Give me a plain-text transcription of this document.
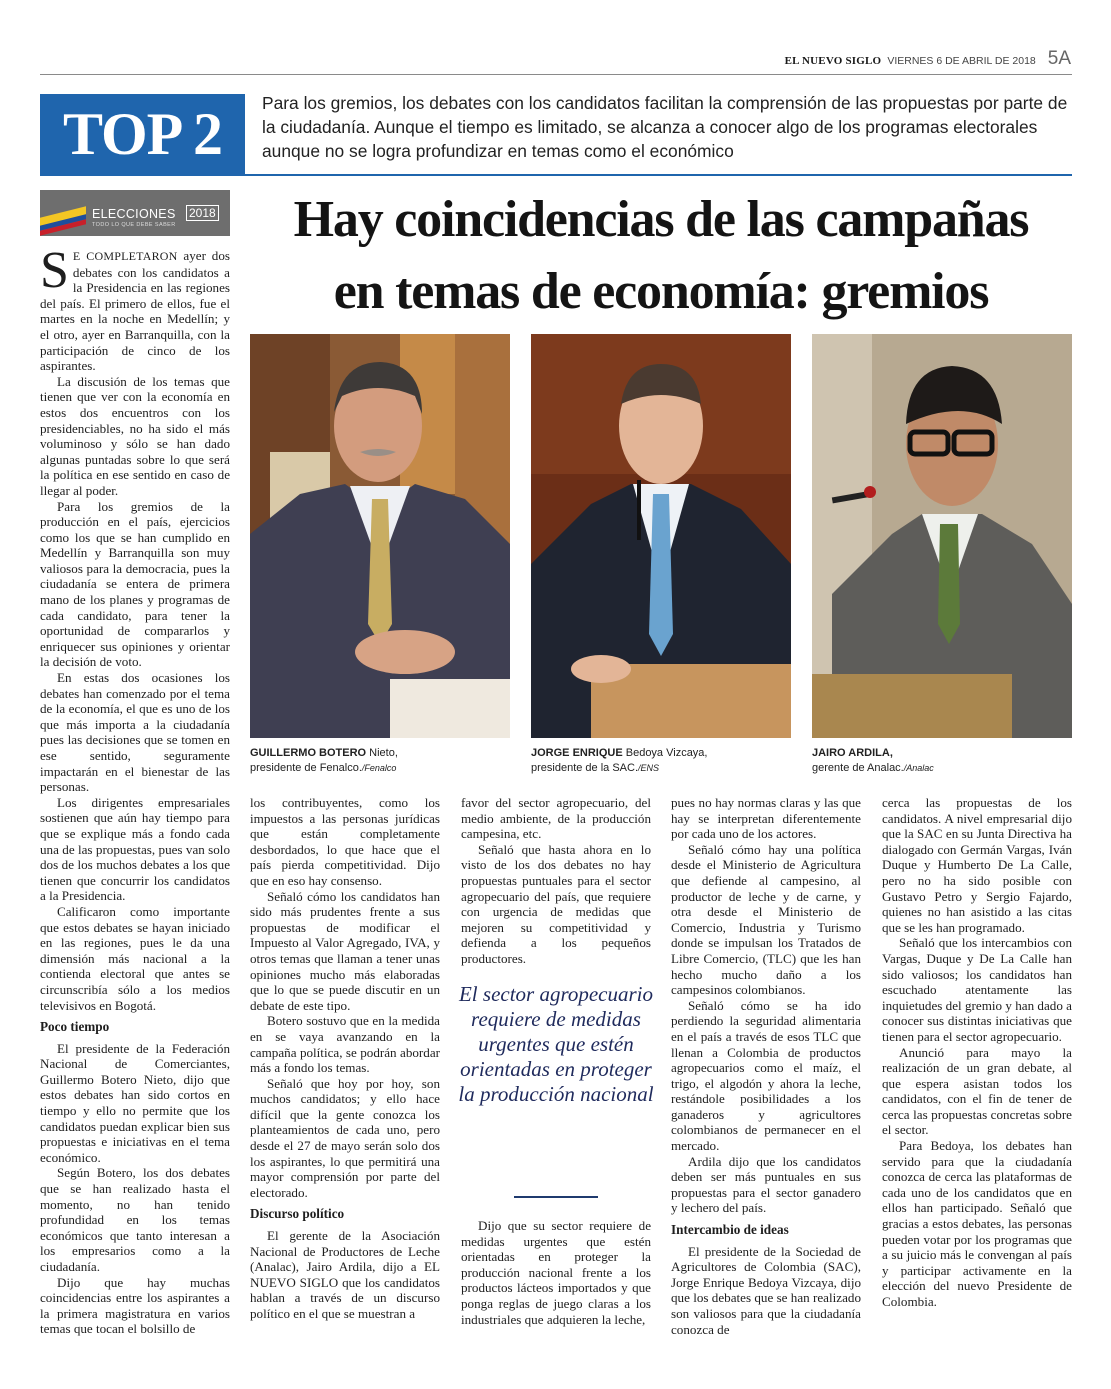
EL NUEVO SIGLO VIERNES 6 DE ABRIL DE 2018 5A
TOP 2	Para los gremios, los debates con los candidatos facilitan la comprensión de las propuestas por parte de la ciudadanía. Aunque el tiempo es limitado, se alcanza a conocer algo de los programas electorales aunque no se logra profundizar en temas como el económico
ELECCIONES 2018
TODO LO QUE DEBE SABER	Hay coincidencias de las campañas
en temas de economía: gremios
GUILLERMO BOTERO Nieto,
presidente de Fenalco./Fenalco
JORGE ENRIQUE Bedoya Vizcaya,
presidente de la SAC./ENS
JAIRO ARDILA,
gerente de Analac./Analac

S E COMPLETARON ayer dos debates con los candidatos a la Presidencia en las regiones del país. El primero de ellos, fue el martes en la noche en Medellín; y el otro, ayer en Barranquilla, con la participación de cinco de los aspirantes.

La discusión de los temas que tienen que ver con la economía en estos dos encuentros con los presidenciables, no ha sido el más voluminoso y sólo se han dado algunas puntadas sobre lo que será la política en ese sentido en caso de llegar al poder.

Para los gremios de la producción en el país, ejercicios como los que se han cumplido en Medellín y Barranquilla son muy valiosos para la democracia, pues la ciudadanía se entera de primera mano de los planes y programas de cada candidato, para tener la oportunidad de compararlos y enriquecer sus opiniones y orientar la decisión de voto.

En estas dos ocasiones los debates han comenzado por el tema de la economía, el que es uno de los que más importa a la ciudadanía pues las decisiones que se tomen en ese sentido, seguramente impactarán en el bienestar de las personas.

Los dirigentes empresariales sostienen que aún hay tiempo para que se explique más a fondo cada una de las propuestas, pues van solo dos de los muchos debates a los que tienen que concurrir los candidatos a la Presidencia.

Calificaron como importante que estos debates se hayan iniciado en las regiones, pues le da una dimensión más nacional a la contienda electoral que antes se circunscribía sólo a los medios televisivos en Bogotá.

Poco tiempo

El presidente de la Federación Nacional de Comerciantes, Guillermo Botero Nieto, dijo que estos debates han sido cortos en tiempo y ello no permite que los candidatos puedan explicar bien sus propuestas e iniciativas en el tema económico.

Según Botero, los dos debates que se han realizado hasta el momento, no han tenido profundidad en los temas económicos que tanto interesan a los empresarios como a la ciudadanía.

Dijo que hay muchas coincidencias entre los aspirantes a la primera magistratura en varios temas que tocan el bolsillo de

los contribuyentes, como los impuestos a las personas jurídicas que están completamente desbordados, lo que hace que el país pierda competitividad. Dijo que en eso hay consenso.

Señaló cómo los candidatos han sido más prudentes frente a sus propuestas de modificar el Impuesto al Valor Agregado, IVA, y otros temas que llaman a tener unas opiniones mucho más elaboradas que lo que se puede discutir en un debate de este tipo.

Botero sostuvo que en la medida en se vaya avanzando en la campaña política, se podrán abordar más a fondo los temas.

Señaló que hoy por hoy, son muchos candidatos; y ello hace difícil que la gente conozca los planteamientos de cada uno, pero desde el 27 de mayo serán solo dos los aspirantes, lo que permitirá una mayor comprensión por parte del electorado.

Discurso político

El gerente de la Asociación Nacional de Productores de Leche (Analac), Jairo Ardila, dijo a EL NUEVO SIGLO que los candidatos hablan a través de un discurso político en el que se muestran a

favor del sector agropecuario, del medio ambiente, de la producción campesina, etc.

Señaló que hasta ahora en lo visto de los dos debates no hay propuestas puntuales para el sector agropecuario del país, que requiere con urgencia de medidas que mejoren su competitividad y defienda a los pequeños productores.

El sector agropecuario requiere de medidas urgentes que estén orientadas en proteger la producción nacional

Dijo que su sector requiere de medidas urgentes que estén orientadas en proteger la producción nacional frente a los productos lácteos importados y que ponga reglas de juego claras a los industriales que adquieren la leche,

pues no hay normas claras y las que hay se interpretan diferentemente por cada uno de los actores.

Señaló cómo hay una política desde el Ministerio de Agricultura que defiende al campesino, al productor de leche y de carne, y otra desde el Ministerio de Comercio, Industria y Turismo donde se impulsan los Tratados de Libre Comercio, (TLC) que les han hecho mucho daño a los campesinos colombianos.

Señaló cómo se ha ido perdiendo la seguridad alimentaria en el país a través de esos TLC que llenan a Colombia de productos agropecuarios como el maíz, el trigo, el algodón y ahora la leche, restándole posibilidades a los ganaderos y agricultores colombianos de permanecer en el mercado.

Ardila dijo que los candidatos deben ser más puntuales en sus propuestas para el sector ganadero y lechero del país.

Intercambio de ideas

El presidente de la Sociedad de Agricultores de Colombia (SAC), Jorge Enrique Bedoya Vizcaya, dijo que los debates que se han realizado son valiosos para que la ciudadanía conozca de

cerca las propuestas de los candidatos. A nivel empresarial dijo que la SAC en su Junta Directiva ha dialogado con Germán Vargas, Iván Duque y Humberto De La Calle, pero no ha sido posible con Gustavo Petro y Sergio Fajardo, quienes no han asistido a las citas que se les han programado.

Señaló que los intercambios con Vargas, Duque y De La Calle han sido valiosos; los candidatos han escuchado atentamente las inquietudes del gremio y han dado a conocer sus distintas iniciativas que tienen para el sector agropecuario.

Anunció para mayo la realización de un gran debate, al que espera asistan todos los candidatos, con el fin de tener de cerca las propuestas concretas sobre el sector.

Para Bedoya, los debates han servido para que la ciudadanía conozca de cerca las plataformas de cada uno de los candidatos que en ellos han participado. Señaló que gracias a estos debates, las personas pueden votar por los programas que a su juicio más le convengan al país y participar activamente en la elección del nuevo Presidente de Colombia.
